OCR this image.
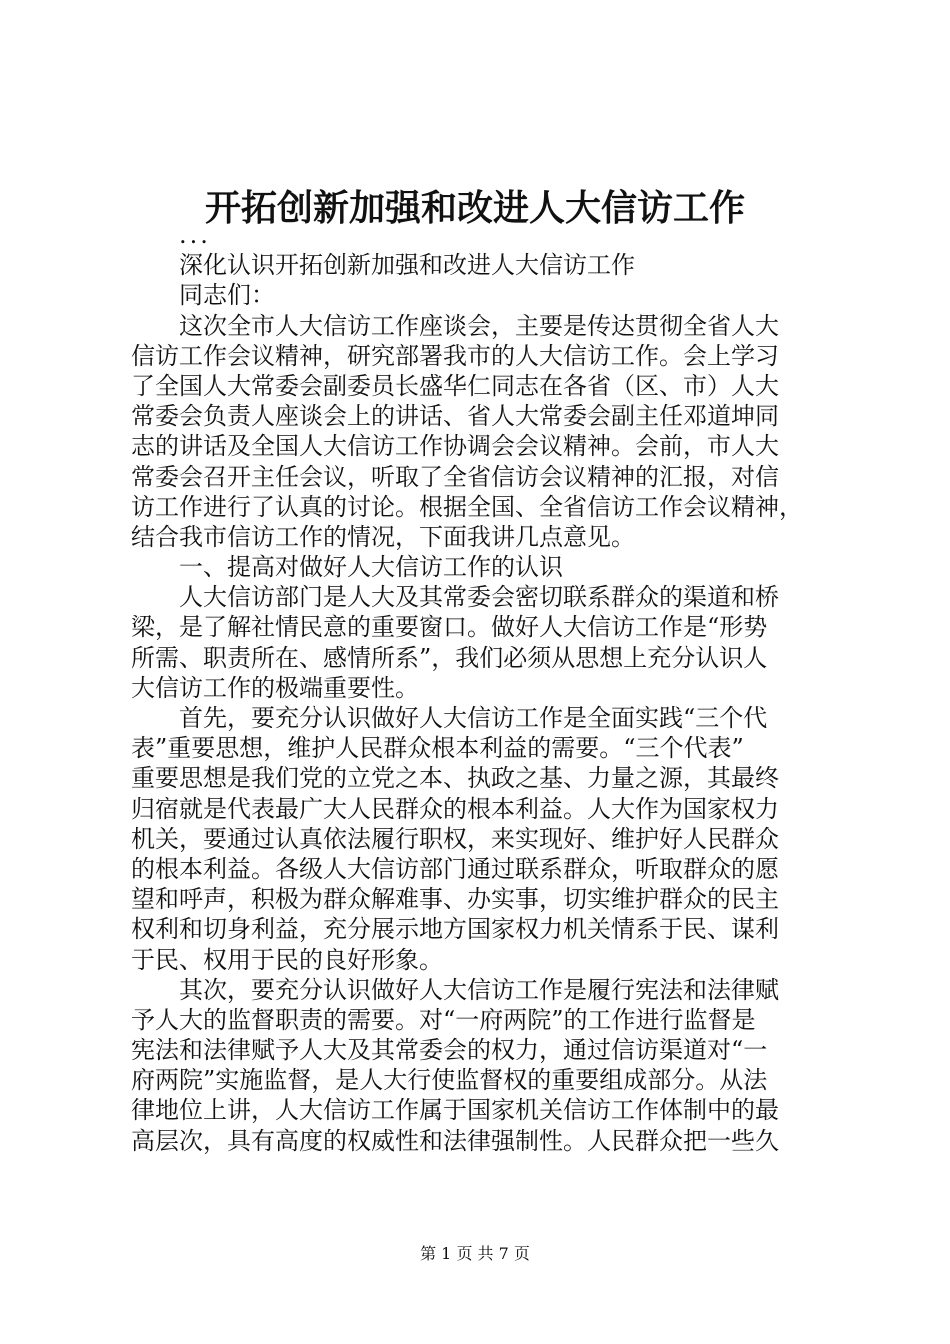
开拓创新加强和改进人大信访工作
...
深化认识开拓创新加强和改进人大信访工作
同志们：
这次全市人大信访工作座谈会，主要是传达贯彻全省人大
信访工作会议精神，研究部署我市的人大信访工作。会上学习
了全国人大常委会副委员长盛华仁同志在各省（区、市）人大
常委会负责人座谈会上的讲话、省人大常委会副主任邓道坤同
志的讲话及全国人大信访工作协调会会议精神。会前，市人大
常委会召开主任会议，听取了全省信访会议精神的汇报，对信
访工作进行了认真的讨论。根据全国、全省信访工作会议精神，
结合我市信访工作的情况，下面我讲几点意见。
一、提高对做好人大信访工作的认识
人大信访部门是人大及其常委会密切联系群众的渠道和桥
梁，是了解社情民意的重要窗口。做好人大信访工作是“形势
所需、职责所在、感情所系”，我们必须从思想上充分认识人
大信访工作的极端重要性。
首先，要充分认识做好人大信访工作是全面实践“三个代
表”重要思想，维护人民群众根本利益的需要。“三个代表”
重要思想是我们党的立党之本、执政之基、力量之源，其最终
归宿就是代表最广大人民群众的根本利益。人大作为国家权力
机关，要通过认真依法履行职权，来实现好、维护好人民群众
的根本利益。各级人大信访部门通过联系群众，听取群众的愿
望和呼声，积极为群众解难事、办实事，切实维护群众的民主
权利和切身利益，充分展示地方国家权力机关情系于民、谋利
于民、权用于民的良好形象。
其次，要充分认识做好人大信访工作是履行宪法和法律赋
予人大的监督职责的需要。对“一府两院”的工作进行监督是
宪法和法律赋予人大及其常委会的权力，通过信访渠道对“一
府两院”实施监督，是人大行使监督权的重要组成部分。从法
律地位上讲，人大信访工作属于国家机关信访工作体制中的最
高层次，具有高度的权威性和法律强制性。人民群众把一些久
第 1 页 共 7 页
